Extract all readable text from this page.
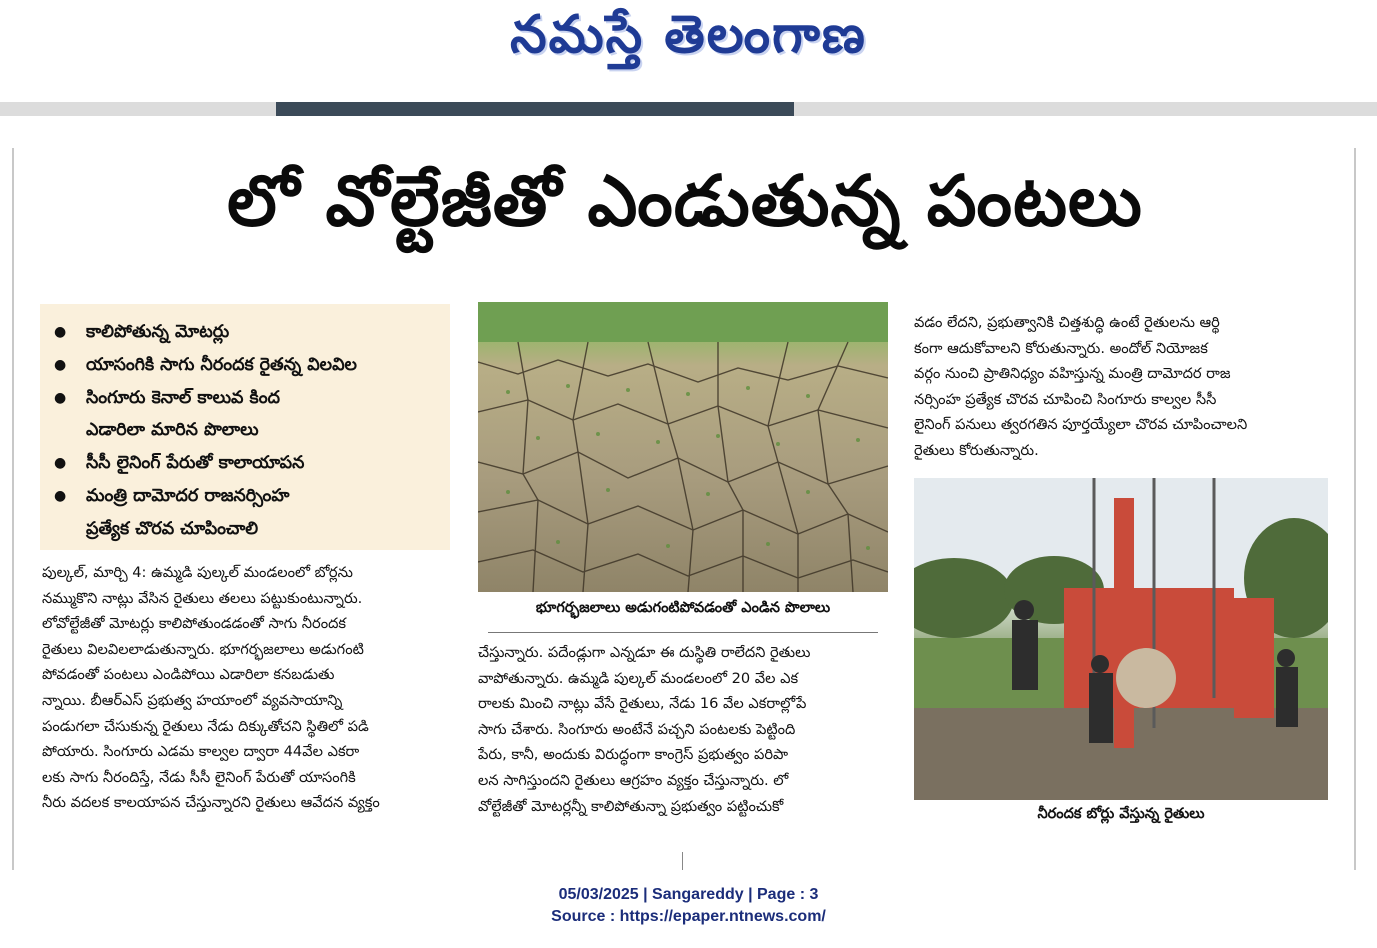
నమస్తే తెలంగాణ
లో వోల్టేజీతో ఎండుతున్న పంటలు
●	కాలిపోతున్న మోటర్లు
●	యాసంగికి సాగు నీరందక రైతన్న విలవిల
●	సింగూరు కెనాల్ కాలువ కింద
ఎడారిలా మారిన పొలాలు
●	సీసీ లైనింగ్ పేరుతో కాలాయాపన
●	మంత్రి దామోదర రాజనర్సింహ
ప్రత్యేక చొరవ చూపించాలి
పుల్కల్, మార్చి 4: ఉమ్మడి పుల్కల్ మండలంలో బోర్లను
నమ్ముకొని నాట్లు వేసిన రైతులు తలలు పట్టుకుంటున్నారు.
లోవోల్టేజీతో మోటర్లు కాలిపోతుండడంతో సాగు నీరందక
రైతులు విలవిలలాడుతున్నారు. భూగర్భజలాలు అడుగంటి
పోవడంతో పంటలు ఎండిపోయి ఎడారిలా కనబడుతు
న్నాయి. బీఆర్ఎస్ ప్రభుత్వ హయాంలో వ్యవసాయాన్ని
పండుగలా చేసుకున్న రైతులు నేడు దిక్కుతోచని స్థితిలో పడి
పోయారు. సింగూరు ఎడమ కాల్వల ద్వారా 44వేల ఎకరా
లకు సాగు నీరందిస్తే, నేడు సీసీ లైనింగ్ పేరుతో యాసంగికి
నీరు వదలక కాలయాపన చేస్తున్నారని రైతులు ఆవేదన వ్యక్తం
భూగర్భజలాలు అడుగంటిపోవడంతో ఎండిన పొలాలు
చేస్తున్నారు. పదేండ్లుగా ఎన్నడూ ఈ దుస్థితి రాలేదని రైతులు
వాపోతున్నారు. ఉమ్మడి పుల్కల్ మండలంలో 20 వేల ఎక
రాలకు మించి నాట్లు వేసే రైతులు, నేడు 16 వేల ఎకరాల్లోపే
సాగు చేశారు. సింగూరు అంటేనే పచ్చని పంటలకు పెట్టింది
పేరు, కానీ, అందుకు విరుద్ధంగా కాంగ్రెస్ ప్రభుత్వం పరిపా
లన సాగిస్తుందని రైతులు ఆగ్రహం వ్యక్తం చేస్తున్నారు. లో
వోల్టేజీతో మోటర్లన్నీ కాలిపోతున్నా ప్రభుత్వం పట్టించుకో
వడం లేదని, ప్రభుత్వానికి చిత్తశుద్ధి ఉంటే రైతులను ఆర్థి
కంగా ఆదుకోవాలని కోరుతున్నారు. అందోల్ నియోజక
వర్గం నుంచి ప్రాతినిధ్యం వహిస్తున్న మంత్రి దామోదర రాజ
నర్సింహ ప్రత్యేక చొరవ చూపించి సింగూరు కాల్వల సీసీ
లైనింగ్ పనులు త్వరగతిన పూర్తయ్యేలా చొరవ చూపించాలని
రైతులు కోరుతున్నారు.
నీరందక బోర్లు వేస్తున్న రైతులు
05/03/2025 | Sangareddy | Page : 3
Source : https://epaper.ntnews.com/
